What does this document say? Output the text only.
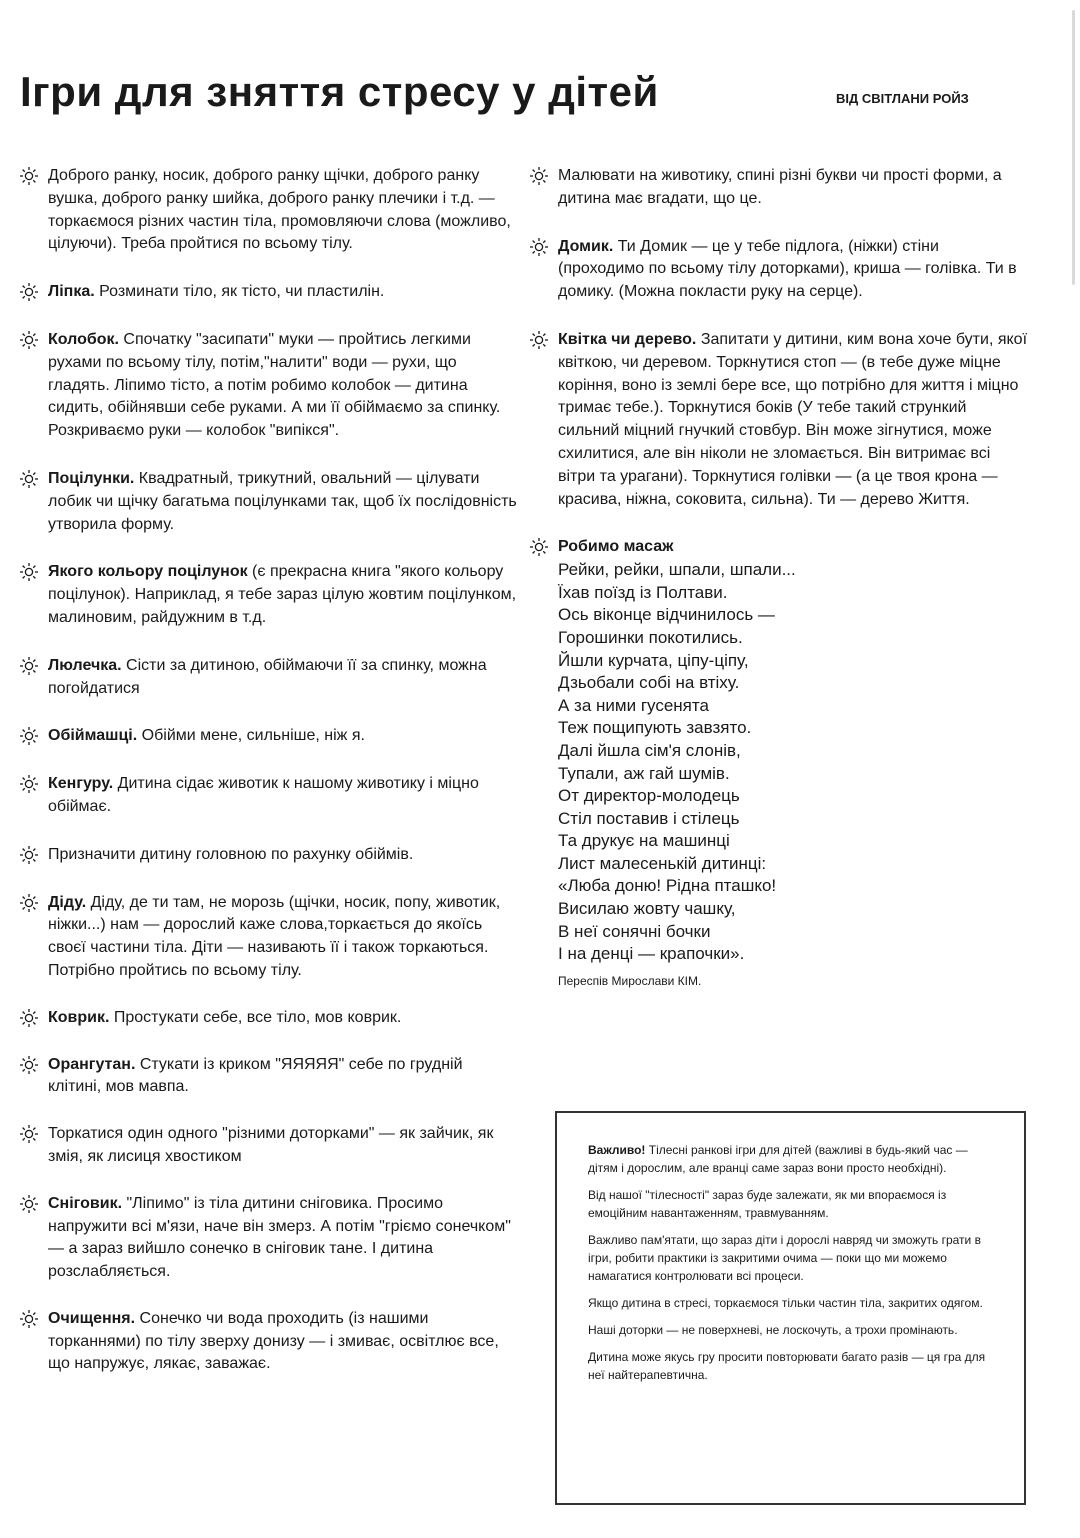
Ігри для зняття стресу у дітей	ВІД СВІТЛАНИ РОЙЗ
Доброго ранку, носик, доброго ранку щічки, доброго ранку вушка, доброго ранку шийка, доброго ранку плечики і т.д. — торкаємося різних частин тіла, промовляючи слова (можливо, цілуючи). Треба пройтися по всьому тілу.
Ліпка. Розминати тіло, як тісто, чи пластилін.
Колобок. Спочатку "засипати" муки — пройтись легкими рухами по всьому тілу, потім,"налити" води — рухи, що гладять. Ліпимо тісто, а потім робимо колобок — дитина сидить, обійнявши себе руками. А ми її обіймаємо за спинку. Розкриваємо руки — колобок "випікся".
Поцілунки. Квадратный, трикутний, овальний — цілувати лобик чи щічку багатьма поцілунками так, щоб їх послідовність утворила форму.
Якого кольору поцілунок (є прекрасна книга "якого кольору поцілунок). Наприклад, я тебе зараз цілую жовтим поцілунком, малиновим, райдужним в т.д.
Люлечка. Сісти за дитиною, обіймаючи її за спинку, можна погойдатися
Обіймашці. Обійми мене, сильніше, ніж я.
Кенгуру. Дитина сідає животик к нашому животику і міцно обіймає.
Призначити дитину головною по рахунку обіймів.
Діду. Діду, де ти там, не морозь (щічки, носик, попу, животик, ніжки...) нам — дорослий каже слова,торкається до якоїсь своєї частини тіла. Діти — називають її і також торкаються. Потрібно пройтись по всьому тілу.
Коврик. Простукати себе, все тіло, мов коврик.
Орангутан. Стукати із криком "ЯЯЯЯЯ" себе по грудній клітині, мов мавпа.
Торкатися один одного "різними доторками" — як зайчик, як змія, як лисиця хвостиком
Сніговик. "Ліпимо" із тіла дитини сніговика. Просимо напружити всі м'язи, наче він змерз. А потім "гріємо сонечком" — а зараз вийшло сонечко в сніговик тане. І дитина розслабляється.
Очищення. Сонечко чи вода проходить (із нашими торканнями) по тілу зверху донизу — і змиває, освітлює все, що напружує, лякає, заважає.
Малювати на животику, спині різні букви чи прості форми, а дитина має вгадати, що це.
Домик. Ти Домик — це у тебе підлога, (ніжки) стіни (проходимо по всьому тілу доторками), криша — голівка. Ти в домику. (Можна покласти руку на серце).
Квітка чи дерево. Запитати у дитини, ким вона хоче бути, якої квіткою, чи деревом. Торкнутися стоп — (в тебе дуже міцне коріння, воно із землі бере все, що потрібно для життя і міцно тримає тебе.). Торкнутися боків (У тебе такий стрункий сильний міцний гнучкий стовбур. Він може зігнутися, може схилитися, але він ніколи не зломається. Він витримає всі вітри та урагани). Торкнутися голівки — (а це твоя крона — красива, ніжна, соковита, сильна). Ти — дерево Життя.
Робимо масаж
Рейки, рейки, шпали, шпали...
Їхав поїзд із Полтави.
Ось віконце відчинилось —
Горошинки покотились.
Йшли курчата, ціпу-ціпу,
Дзьобали собі на втіху.
А за ними гусенята
Теж пощипують завзято.
Далі йшла сім'я слонів,
Тупали, аж гай шумів.
От директор-молодець
Стіл поставив і стілець
Та друкує на машинці
Лист малесенькій дитинці:
«Люба доню! Рідна пташко!
Висилаю жовту чашку,
В неї сонячні бочки
І на денці — крапочки».
Переспів Мирослави КІМ.

Важливо! Тілесні ранкові ігри для дітей (важливі в будь-який час — дітям і дорослим, але вранці саме зараз вони просто необхідні).

Від нашої "тілесності" зараз буде залежати, як ми впораємося із емоційним навантаженням, травмуванням.

Важливо пам'ятати, що зараз діти і дорослі навряд чи зможуть грати в ігри, робити практики із закритими очима — поки що ми можемо намагатися контролювати всі процеси.

Якщо дитина в стресі, торкаємося тільки частин тіла, закритих одягом.

Наші доторки — не поверхневі, не лоскочуть, а трохи промінають.

Дитина може якусь гру просити повторювати багато разів — ця гра для неї найтерапевтична.
